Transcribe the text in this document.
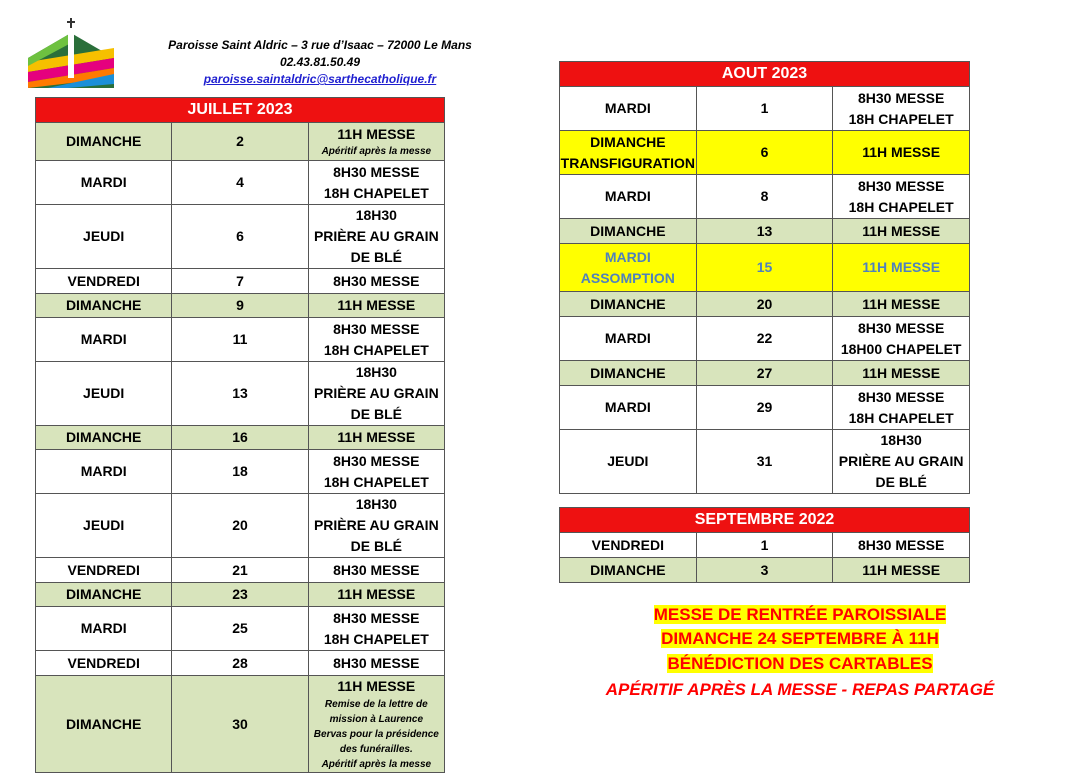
Paroisse Saint Aldric – 3 rue d’Isaac – 72000 Le Mans
02.43.81.50.49
paroisse.saintaldric@sarthecatholique.fr
JUILLET 2023		
DIMANCHE	2	11H MESSE
Apéritif après la messe

MARDI	4	8H30 MESSE
18H CHAPELET

JEUDI	6	18H30
PRIÈRE AU GRAIN DE BLÉ

VENDREDI	7	8H30 MESSE
DIMANCHE	9	11H MESSE
MARDI	11	8H30 MESSE
18H CHAPELET

JEUDI	13	18H30
PRIÈRE AU GRAIN DE BLÉ

DIMANCHE	16	11H MESSE
MARDI	18	8H30 MESSE
18H CHAPELET

JEUDI	20	18H30
PRIÈRE AU GRAIN DE BLÉ

VENDREDI	21	8H30 MESSE
DIMANCHE	23	11H MESSE
MARDI	25	8H30 MESSE
18H CHAPELET

VENDREDI	28	8H30 MESSE
DIMANCHE	30	11H MESSE
Remise de la lettre de mission à Laurence
Bervas pour la présidence des funérailles.
Apéritif après la messe
AOUT 2023		
MARDI	1	8H30 MESSE
18H CHAPELET

DIMANCHE
TRANSFIGURATION	6	11H MESSE
MARDI	8	8H30 MESSE
18H CHAPELET

DIMANCHE	13	11H MESSE

MARDI
ASSOMPTION	15	11H MESSE
DIMANCHE	20	11H MESSE
MARDI	22	8H30 MESSE
18H00 CHAPELET

DIMANCHE	27	11H MESSE
MARDI	29	8H30 MESSE
18H CHAPELET

JEUDI	31	18H30
PRIÈRE AU GRAIN DE BLÉ
SEPTEMBRE 2022		
VENDREDI	1	8H30 MESSE
DIMANCHE	3	11H MESSE
MESSE DE RENTRÉE PAROISSIALE
DIMANCHE 24 SEPTEMBRE À 11H
BÉNÉDICTION DES CARTABLES
APÉRITIF APRÈS LA MESSE - REPAS PARTAGÉ
